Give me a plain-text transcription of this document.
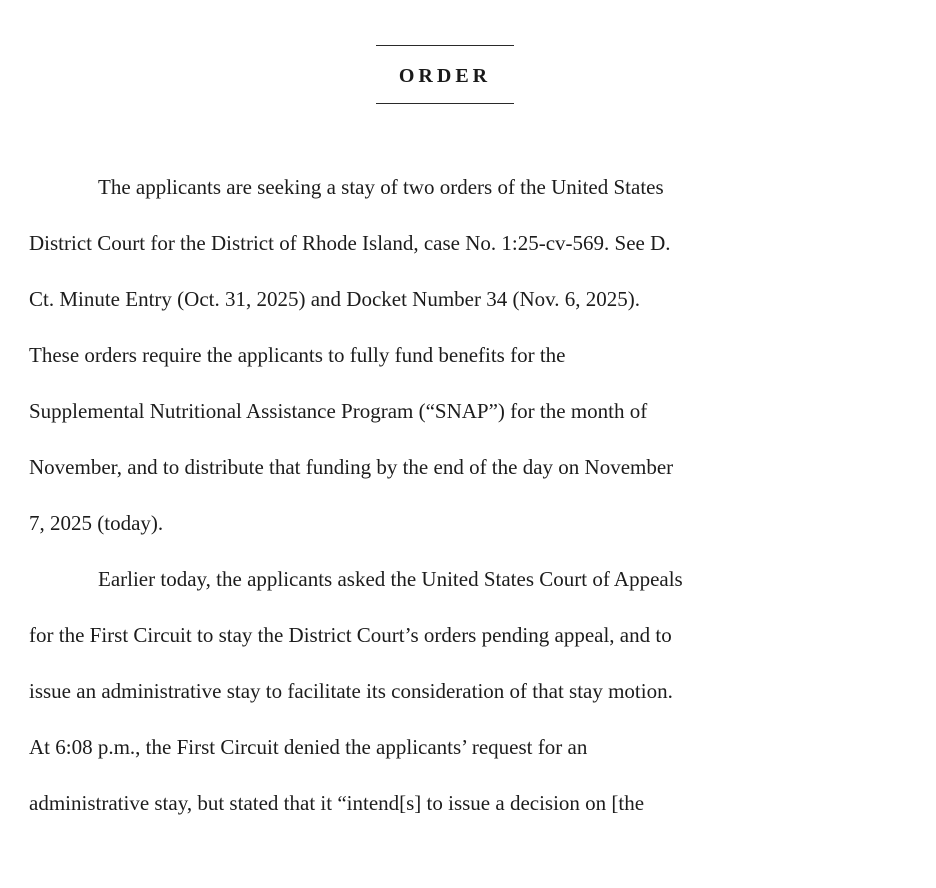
ORDER
The applicants are seeking a stay of two orders of the United States
District Court for the District of Rhode Island, case No. 1:25-cv-569. See D.
Ct. Minute Entry (Oct. 31, 2025) and Docket Number 34 (Nov. 6, 2025).
These orders require the applicants to fully fund benefits for the
Supplemental Nutritional Assistance Program (“SNAP”) for the month of
November, and to distribute that funding by the end of the day on November
7, 2025 (today).
Earlier today, the applicants asked the United States Court of Appeals
for the First Circuit to stay the District Court’s orders pending appeal, and to
issue an administrative stay to facilitate its consideration of that stay motion.
At 6:08 p.m., the First Circuit denied the applicants’ request for an
administrative stay, but stated that it “intend[s] to issue a decision on [the
